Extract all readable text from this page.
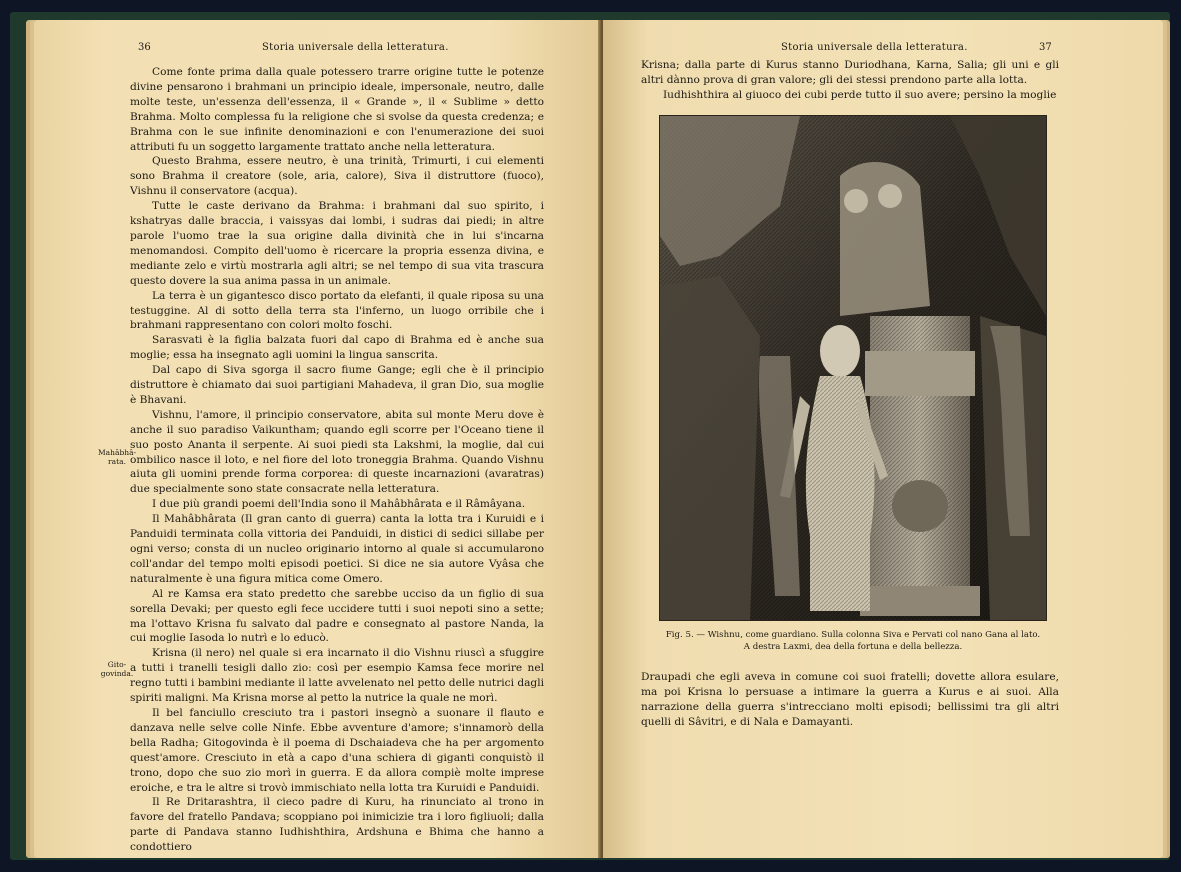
36	Storia universale della letteratura.
Mahâbhâ-rata.
Gito-govinda.

Come fonte prima dalla quale potessero trarre origine tutte le potenze divine pensarono i brahmani un principio ideale, impersonale, neutro, dalle molte teste, un'essenza dell'essenza, il « Grande », il « Sublime » detto Brahma. Molto complessa fu la religione che si svolse da questa credenza; e Brahma con le sue infinite denominazioni e con l'enumerazione dei suoi attributi fu un soggetto largamente trattato anche nella letteratura.

Questo Brahma, essere neutro, è una trinità, Trimurti, i cui elementi sono Brahma il creatore (sole, aria, calore), Siva il distruttore (fuoco), Vishnu il conservatore (acqua).

Tutte le caste derivano da Brahma: i brahmani dal suo spirito, i kshatryas dalle braccia, i vaissyas dai lombi, i sudras dai piedi; in altre parole l'uomo trae la sua origine dalla divinità che in lui s'incarna menomandosi. Compito dell'uomo è ricercare la propria essenza divina, e mediante zelo e virtù mostrarla agli altri; se nel tempo di sua vita trascura questo dovere la sua anima passa in un animale.

La terra è un gigantesco disco portato da elefanti, il quale riposa su una testuggine. Al di sotto della terra sta l'inferno, un luogo orribile che i brahmani rappresentano con colori molto foschi.

Sarasvati è la figlia balzata fuori dal capo di Brahma ed è anche sua moglie; essa ha insegnato agli uomini la lingua sanscrita.

Dal capo di Siva sgorga il sacro fiume Gange; egli che è il principio distruttore è chiamato dai suoi partigiani Mahadeva, il gran Dio, sua moglie è Bhavani.

Vishnu, l'amore, il principio conservatore, abita sul monte Meru dove è anche il suo paradiso Vaikuntham; quando egli scorre per l'Oceano tiene il suo posto Ananta il serpente. Ai suoi piedi sta Lakshmi, la moglie, dal cui ombilico nasce il loto, e nel fiore del loto troneggia Brahma. Quando Vishnu aiuta gli uomini prende forma corporea: di queste incarnazioni (avaratras) due specialmente sono state consacrate nella letteratura.

I due più grandi poemi dell'India sono il Mahâbhârata e il Râmâyana.

Il Mahâbhârata (Il gran canto di guerra) canta la lotta tra i Kuruidi e i Panduidi terminata colla vittoria dei Panduidi, in distici di sedici sillabe per ogni verso; consta di un nucleo originario intorno al quale si accumularono coll'andar del tempo molti episodi poetici. Si dice ne sia autore Vyâsa che naturalmente è una figura mitica come Omero.

Al re Kamsa era stato predetto che sarebbe ucciso da un figlio di sua sorella Devaki; per questo egli fece uccidere tutti i suoi nepoti sino a sette; ma l'ottavo Krisna fu salvato dal padre e consegnato al pastore Nanda, la cui moglie Iasoda lo nutrì e lo educò.

Krisna (il nero) nel quale si era incarnato il dio Vishnu riuscì a sfuggire a tutti i tranelli tesigli dallo zio: così per esempio Kamsa fece morire nel regno tutti i bambini mediante il latte avvelenato nel petto delle nutrici dagli spiriti maligni. Ma Krisna morse al petto la nutrice la quale ne morì.

Il bel fanciullo cresciuto tra i pastori insegnò a suonare il flauto e danzava nelle selve colle Ninfe. Ebbe avventure d'amore; s'innamorò della bella Radha; Gitogovinda è il poema di Dschaiadeva che ha per argomento quest'amore. Cresciuto in età a capo d'una schiera di giganti conquistò il trono, dopo che suo zio morì in guerra. E da allora compiè molte imprese eroiche, e tra le altre si trovò immischiato nella lotta tra Kuruidi e Panduidi.

Il Re Dritarashtra, il cieco padre di Kuru, ha rinunciato al trono in favore del fratello Pandava; scoppiano poi inimicizie tra i loro figliuoli; dalla parte di Pandava stanno Iudhishthira, Ardshuna e Bhima che hanno a condottiero

Storia universale della letteratura.	37

Krisna; dalla parte di Kurus stanno Duriodhana, Karna, Salia; gli uni e gli altri dànno prova di gran valore; gli dei stessi prendono parte alla lotta.

Iudhishthira al giuoco dei cubi perde tutto il suo avere; persino la moglie

Fig. 5. — Wishnu, come guardiano. Sulla colonna Siva e Pervati col nano Gana al lato.
A destra Laxmi, dea della fortuna e della bellezza.

Draupadi che egli aveva in comune coi suoi fratelli; dovette allora esulare, ma poi Krisna lo persuase a intimare la guerra a Kurus e ai suoi. Alla narrazione della guerra s'intrecciano molti episodi; bellissimi tra gli altri quelli di Sâvitri, e di Nala e Damayanti.
